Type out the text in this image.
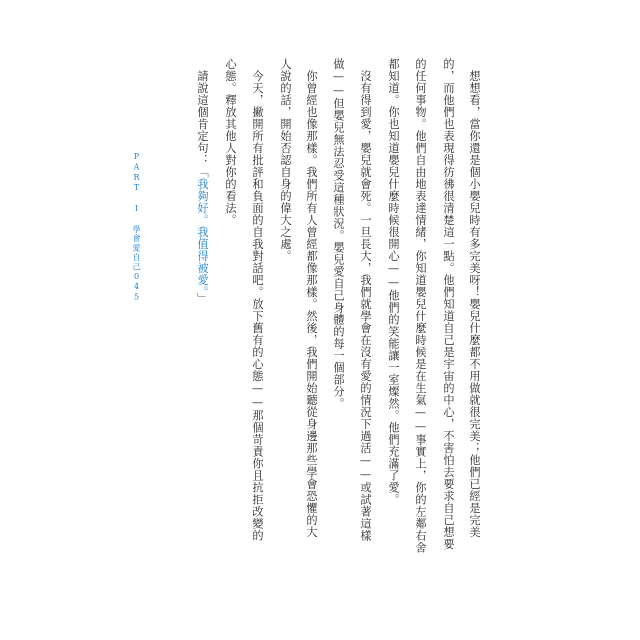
想想看，當你還是個小嬰兒時有多完美呀！嬰兒什麼都不用做就很完美；他們已經是完美
的，而他們也表現得彷彿很清楚這一點。他們知道自己是宇宙的中心，不害怕去要求自己想要
的任何事物。他們自由地表達情緒，你知道嬰兒什麼時候是在生氣——事實上，你的左鄰右舍
都知道。你也知道嬰兒什麼時候很開心——他們的笑能讓一室燦然。他們充滿了愛。
沒有得到愛，嬰兒就會死。一旦長大，我們就學會在沒有愛的情況下過活——或試著這樣
做——但嬰兒無法忍受這種狀況。嬰兒愛自己身體的每一個部分。
你曾經也像那樣。我們所有人曾經都像那樣。然後，我們開始聽從身邊那些學會恐懼的大
人說的話，開始否認自身的偉大之處。
今天，撇開所有批評和負面的自我對話吧。放下舊有的心態——那個苛責你且抗拒改變的
心態。釋放其他人對你的看法。
請說這個肯定句：「我夠好。我值得被愛。」
PART I 學會愛自己045
